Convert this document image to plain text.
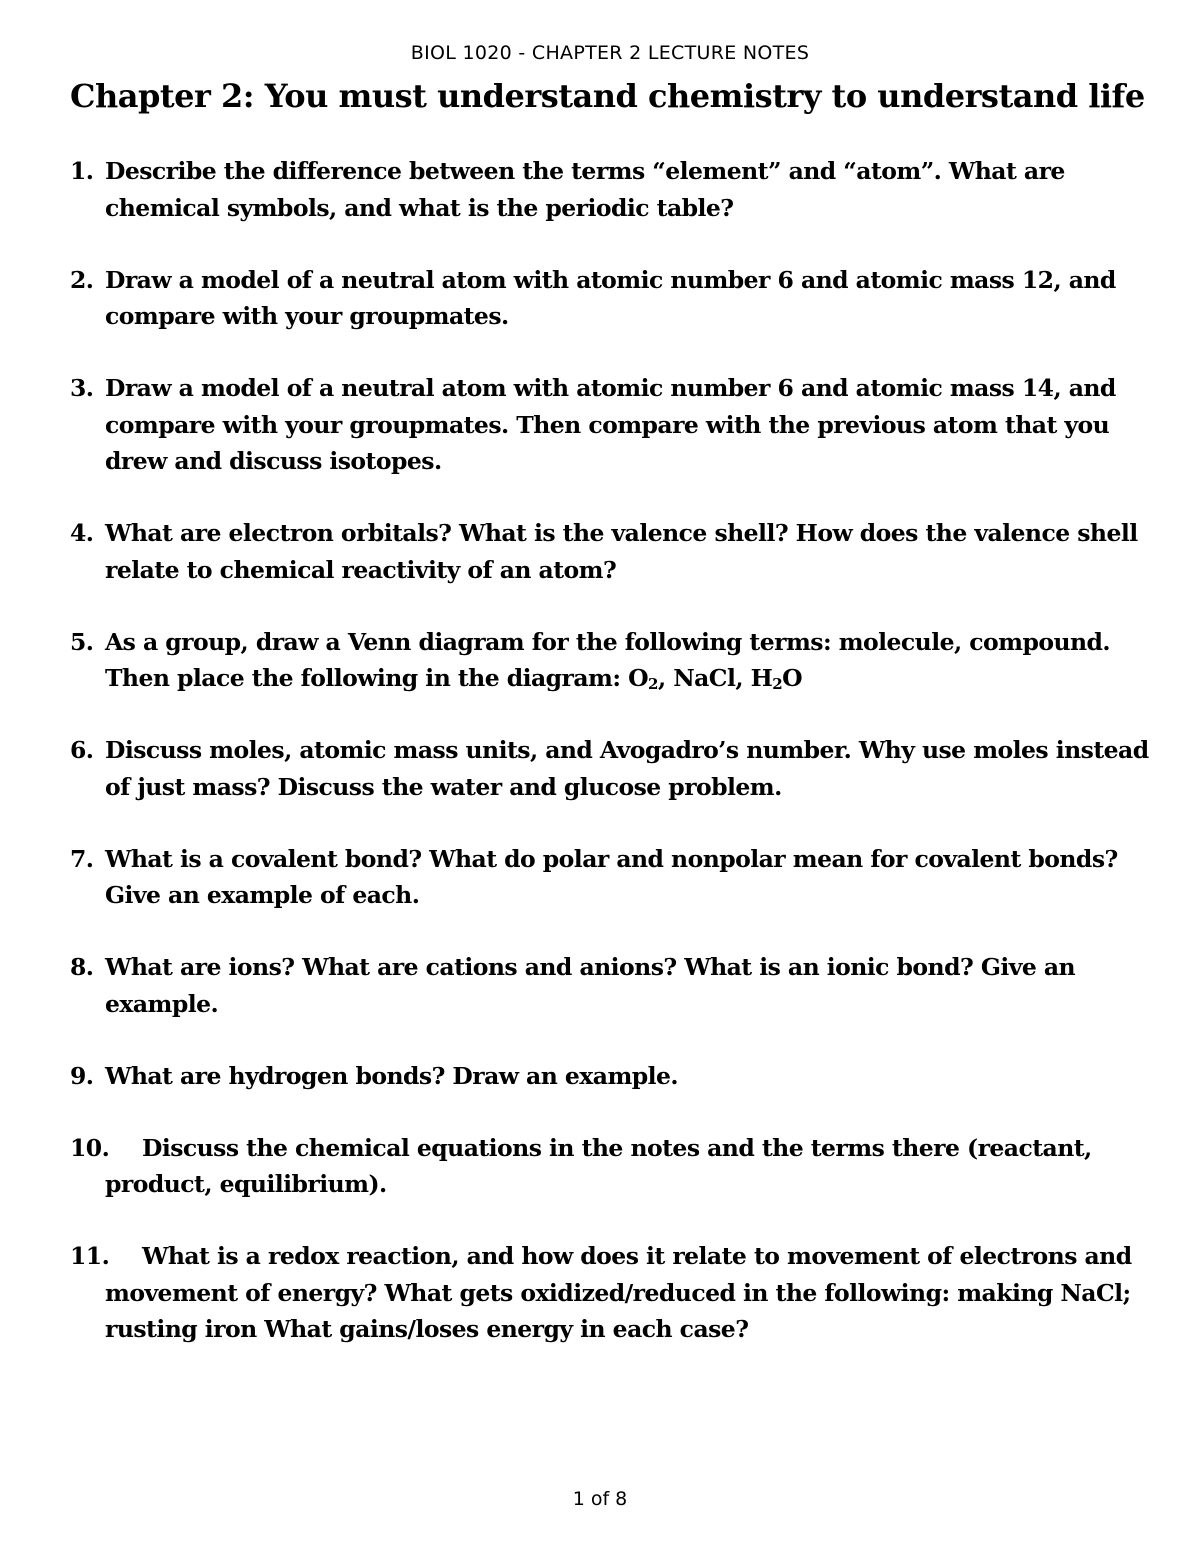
BIOL 1020 - CHAPTER 2 LECTURE NOTES
Chapter 2: You must understand chemistry to understand life
1. Describe the difference between the terms “element” and “atom”. What are chemical symbols, and what is the periodic table?
2. Draw a model of a neutral atom with atomic number 6 and atomic mass 12, and compare with your groupmates.
3. Draw a model of a neutral atom with atomic number 6 and atomic mass 14, and compare with your groupmates. Then compare with the previous atom that you drew and discuss isotopes.
4. What are electron orbitals? What is the valence shell? How does the valence shell relate to chemical reactivity of an atom?
5. As a group, draw a Venn diagram for the following terms: molecule, compound. Then place the following in the diagram: $O_2$, NaCl, $H_2O$
6. Discuss moles, atomic mass units, and Avogadro’s number. Why use moles instead of just mass? Discuss the water and glucose problem.
7. What is a covalent bond? What do polar and nonpolar mean for covalent bonds? Give an example of each.
8. What are ions? What are cations and anions? What is an ionic bond? Give an example.
9. What are hydrogen bonds? Draw an example.
10. Discuss the chemical equations in the notes and the terms there (reactant, product, equilibrium).
11. What is a redox reaction, and how does it relate to movement of electrons and movement of energy? What gets oxidized/reduced in the following: making NaCl; rusting iron What gains/loses energy in each case?
1 of 8
